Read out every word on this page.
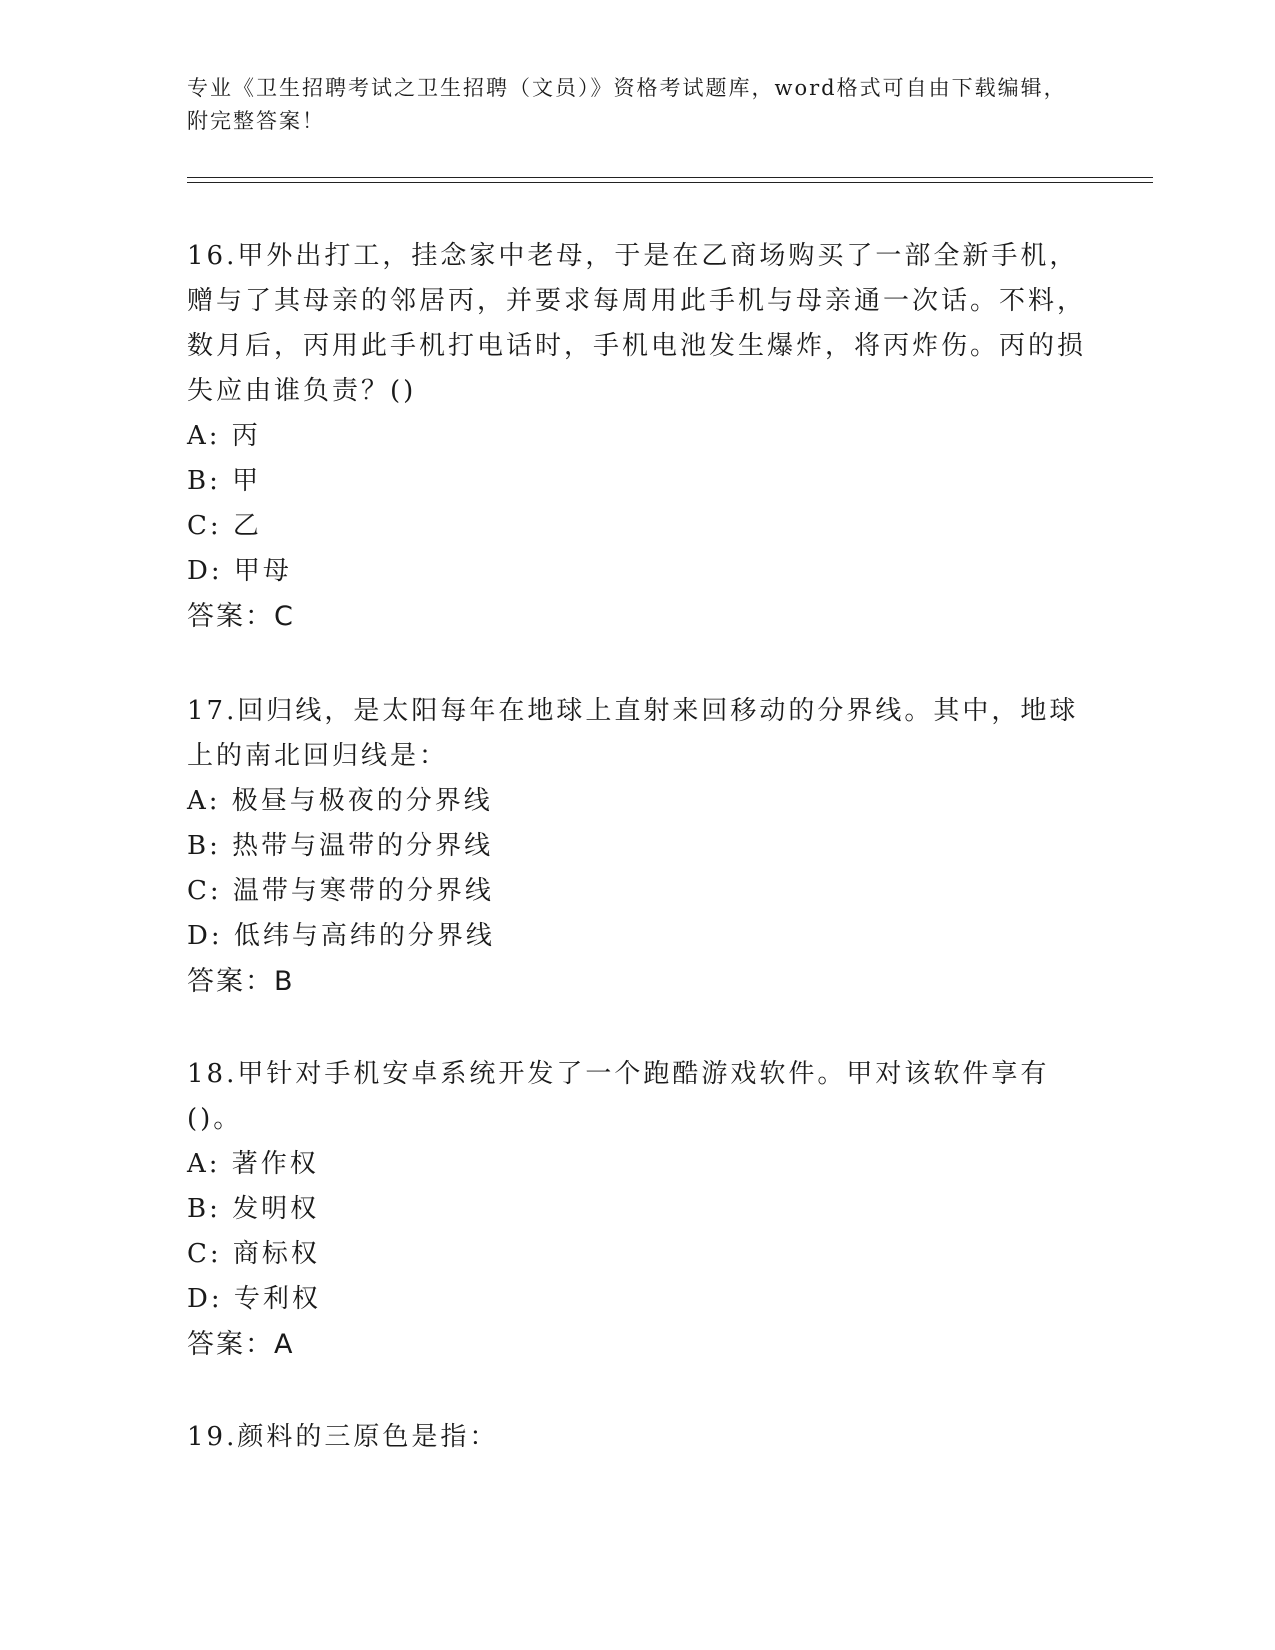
专业《卫生招聘考试之卫生招聘（文员）》资格考试题库，word格式可自由下载编辑，附完整答案！

16.甲外出打工，挂念家中老母，于是在乙商场购买了一部全新手机，赠与了其母亲的邻居丙，并要求每周用此手机与母亲通一次话。不料，数月后，丙用此手机打电话时，手机电池发生爆炸，将丙炸伤。丙的损失应由谁负责？()

A: 丙

B: 甲

C: 乙

D: 甲母

答案：C

17.回归线，是太阳每年在地球上直射来回移动的分界线。其中，地球上的南北回归线是：

A: 极昼与极夜的分界线

B: 热带与温带的分界线

C: 温带与寒带的分界线

D: 低纬与高纬的分界线

答案：B

18.甲针对手机安卓系统开发了一个跑酷游戏软件。甲对该软件享有()。

A: 著作权

B: 发明权

C: 商标权

D: 专利权

答案：A

19.颜料的三原色是指：
